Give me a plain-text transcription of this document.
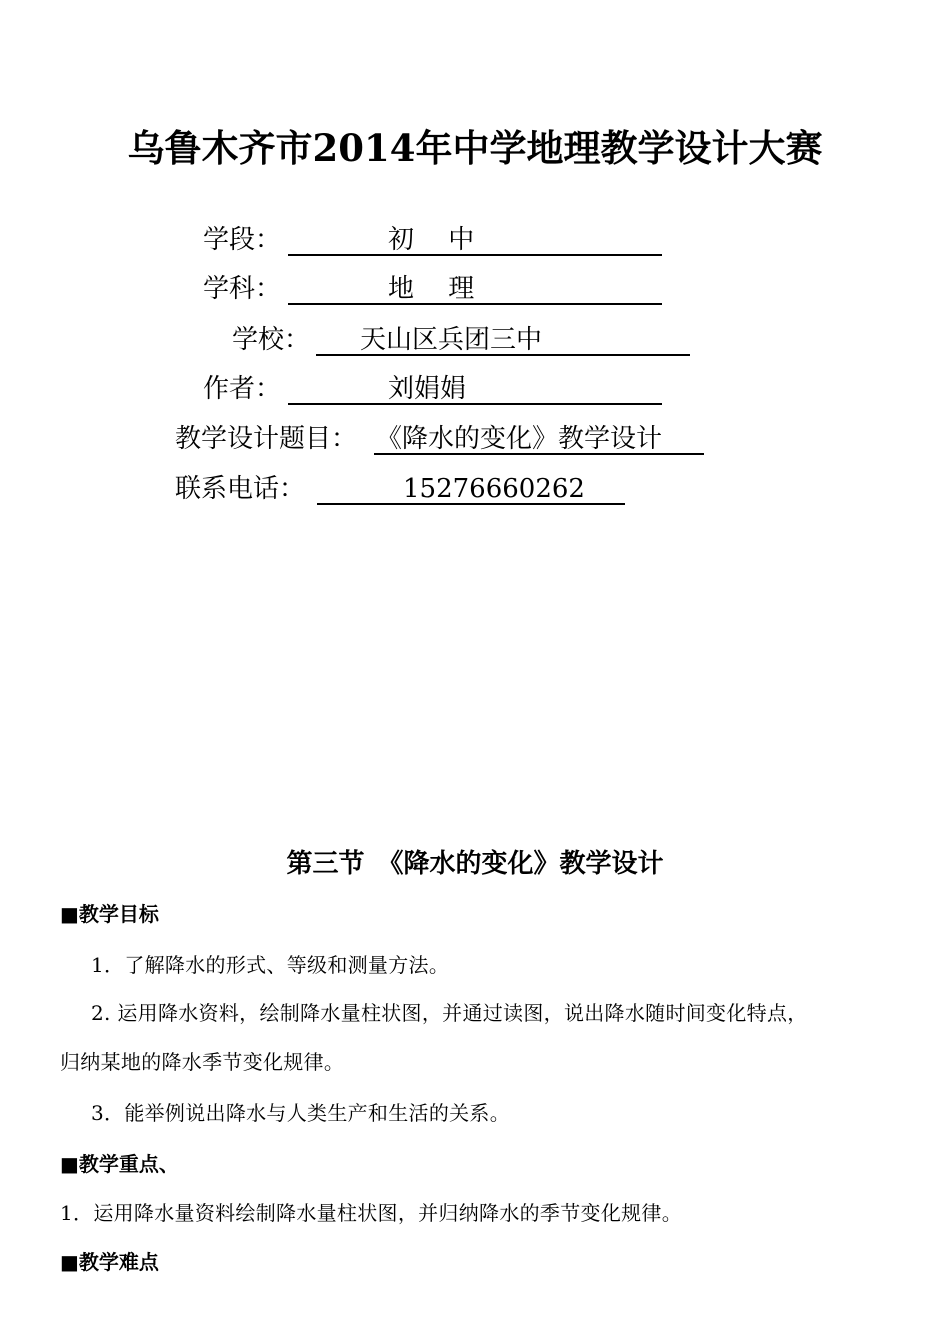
乌鲁木齐市2014年中学地理教学设计大赛
学段：	初　 中
学科：	地　 理
学校：	天山区兵团三中
作者：	刘娟娟
教学设计题目： 《降水的变化》教学设计
联系电话：	15276660262
第三节　《降水的变化》教学设计
■教学目标
1．了解降水的形式、等级和测量方法。
2. 运用降水资料，绘制降水量柱状图，并通过读图，说出降水随时间变化特点，
归纳某地的降水季节变化规律。
3．能举例说出降水与人类生产和生活的关系。
■教学重点、
1．运用降水量资料绘制降水量柱状图，并归纳降水的季节变化规律。
■教学难点
